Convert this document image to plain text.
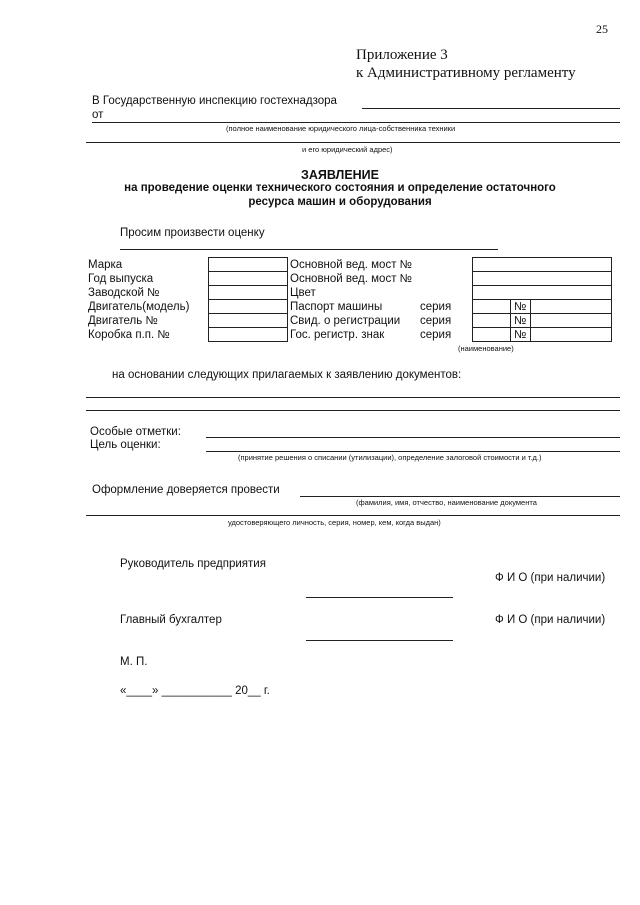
25
Приложение 3
к Административному регламенту
В Государственную инспекцию гостехнадзора
от
(полное наименование юридического лица-собственника техники
и его юридический адрес)
ЗАЯВЛЕНИЕ
на проведение оценки технического состояния и определение остаточного
ресурса машин и оборудования
Просим произвести оценку
Марка
Год выпуска
Заводской №
Двигатель(модель)
Двигатель №
Коробка п.п. №
Основной вед. мост №
Основной вед. мост №
Цвет
Паспорт машины
Свид. о регистрации
Гос. регистр. знак
серия
серия
серия
№
№
№
(наименование)
на основании следующих прилагаемых к заявлению документов:
Особые отметки:
Цель оценки:
(принятие решения о списании (утилизации), определение залоговой стоимости и т.д.)
Оформление доверяется провести
(фамилия, имя, отчество, наименование документа
удостоверяющего личность, серия, номер, кем, когда выдан)
Руководитель предприятия
Ф И О (при наличии)
Главный бухгалтер	Ф И О (при наличии)
М. П.
«____» ___________ 20__ г.
